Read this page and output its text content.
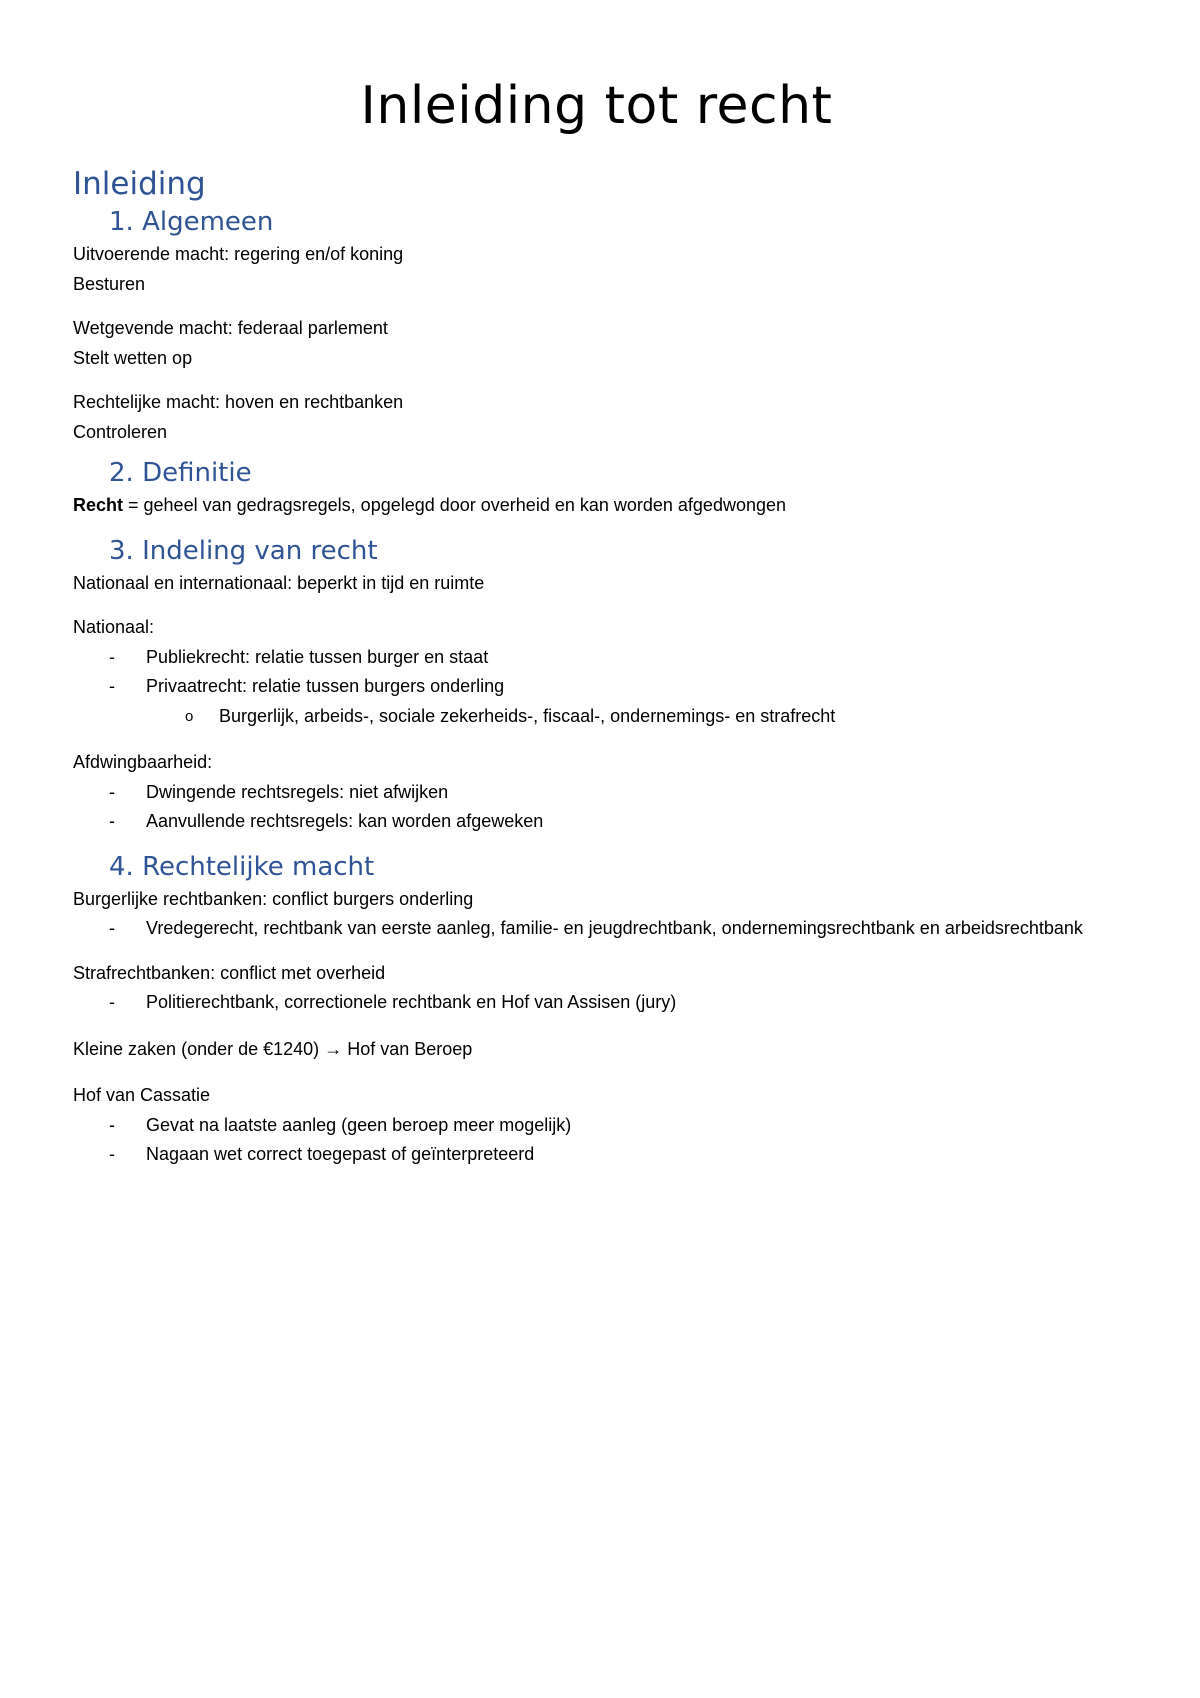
Inleiding tot recht
Inleiding
1. Algemeen

Uitvoerende macht: regering en/of koning

Besturen

Wetgevende macht: federaal parlement

Stelt wetten op

Rechtelijke macht: hoven en rechtbanken

Controleren

2. Definitie

Recht = geheel van gedragsregels, opgelegd door overheid en kan worden afgedwongen

3. Indeling van recht

Nationaal en internationaal: beperkt in tijd en ruimte

Nationaal:

- Publiekrecht: relatie tussen burger en staat
- Privaatrecht: relatie tussen burgers onderling
o Burgerlijk, arbeids-, sociale zekerheids-, fiscaal-, ondernemings- en strafrecht

Afdwingbaarheid:

- Dwingende rechtsregels: niet afwijken
- Aanvullende rechtsregels: kan worden afgeweken
4. Rechtelijke macht

Burgerlijke rechtbanken: conflict burgers onderling

- Vredegerecht, rechtbank van eerste aanleg, familie- en jeugdrechtbank, ondernemingsrechtbank en arbeidsrechtbank

Strafrechtbanken: conflict met overheid

- Politierechtbank, correctionele rechtbank en Hof van Assisen (jury)

Kleine zaken (onder de €1240) → Hof van Beroep

Hof van Cassatie

- Gevat na laatste aanleg (geen beroep meer mogelijk)
- Nagaan wet correct toegepast of geïnterpreteerd
